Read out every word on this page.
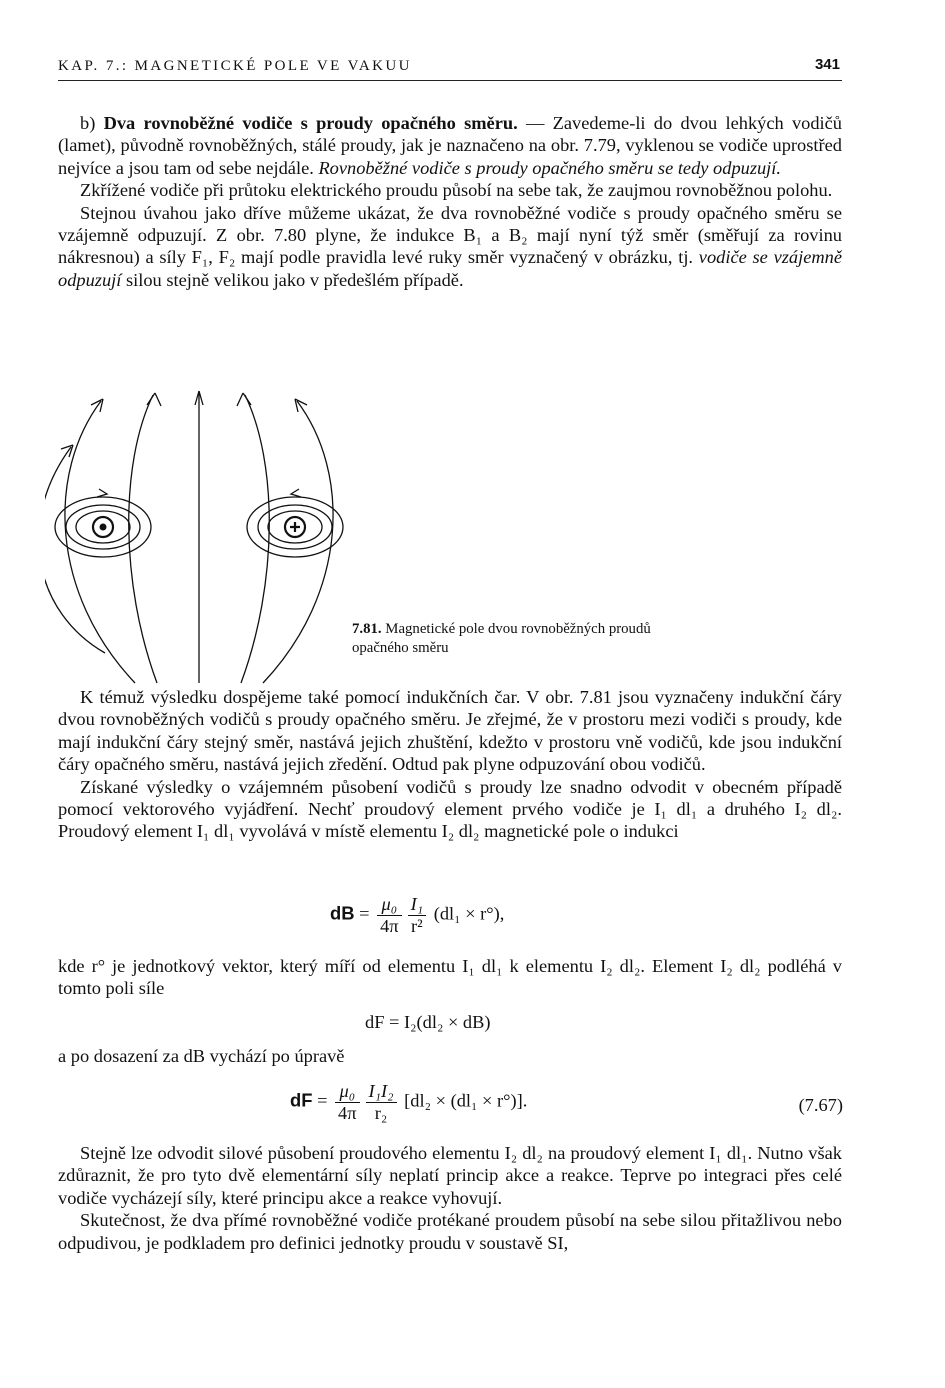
KAP. 7.: MAGNETICKÉ POLE VE VAKUU	341

b) Dva rovnoběžné vodiče s proudy opačného směru. — Zavedeme-li do dvou lehkých vodičů (lamet), původně rovnoběžných, stálé proudy, jak je naznačeno na obr. 7.79, vyklenou se vodiče uprostřed nejvíce a jsou tam od sebe nejdále. Rovnoběžné vodiče s proudy opačného směru se tedy odpuzují.

Zkřížené vodiče při průtoku elektrického proudu působí na sebe tak, že zaujmou rovnoběžnou polohu.

Stejnou úvahou jako dříve můžeme ukázat, že dva rovnoběžné vodiče s proudy opačného směru se vzájemně odpuzují. Z obr. 7.80 plyne, že indukce B₁ a B₂ mají nyní týž směr (směřují za rovinu nákresnou) a síly F₁, F₂ mají podle pravidla levé ruky směr vyznačený v obrázku, tj. vodiče se vzájemně odpuzují silou stejně velikou jako v předešlém případě.

7.81. Magnetické pole dvou rovnoběžných proudů opačného směru

K témuž výsledku dospějeme také pomocí indukčních čar. V obr. 7.81 jsou vyznačeny indukční čáry dvou rovnoběžných vodičů s proudy opačného směru. Je zřejmé, že v prostoru mezi vodiči s proudy, kde mají indukční čáry stejný směr, nastává jejich zhuštění, kdežto v prostoru vně vodičů, kde jsou indukční čáry opačného směru, nastává jejich zředění. Odtud pak plyne odpuzování obou vodičů.

Získané výsledky o vzájemném působení vodičů s proudy lze snadno odvodit v obecném případě pomocí vektorového vyjádření. Nechť proudový element prvého vodiče je I₁ dl₁ a druhého I₂ dl₂. Proudový element I₁ dl₁ vyvolává v místě elementu I₂ dl₂ magnetické pole o indukci

dB = $\frac{\text{μ₀}}{4\pi} \frac{\text{I₁}}{\text{r²}} (dl_1 \times r^\circ)$,

kde r° je jednotkový vektor, který míří od elementu I₁ dl₁ k elementu I₂ dl₂. Element I₂ dl₂ podléhá v tomto poli síle

dF = I₂(dl₂ × dB)

a po dosazení za dB vychází po úpravě

dF = $\frac{\text{μ₀}}{4\pi} \frac{\text{I₁I₂}}{\text{r₂}} [dl_2 \times (dl_1 \times r^\circ)]$.	(7.67)

Stejně lze odvodit silové působení proudového elementu I₂ dl₂ na proudový element I₁ dl₁. Nutno však zdůraznit, že pro tyto dvě elementární síly neplatí princip akce a reakce. Teprve po integraci přes celé vodiče vycházejí síly, které principu akce a reakce vyhovují.

Skutečnost, že dva přímé rovnoběžné vodiče protékané proudem působí na sebe silou přitažlivou nebo odpudivou, je podkladem pro definici jednotky proudu v soustavě SI,
